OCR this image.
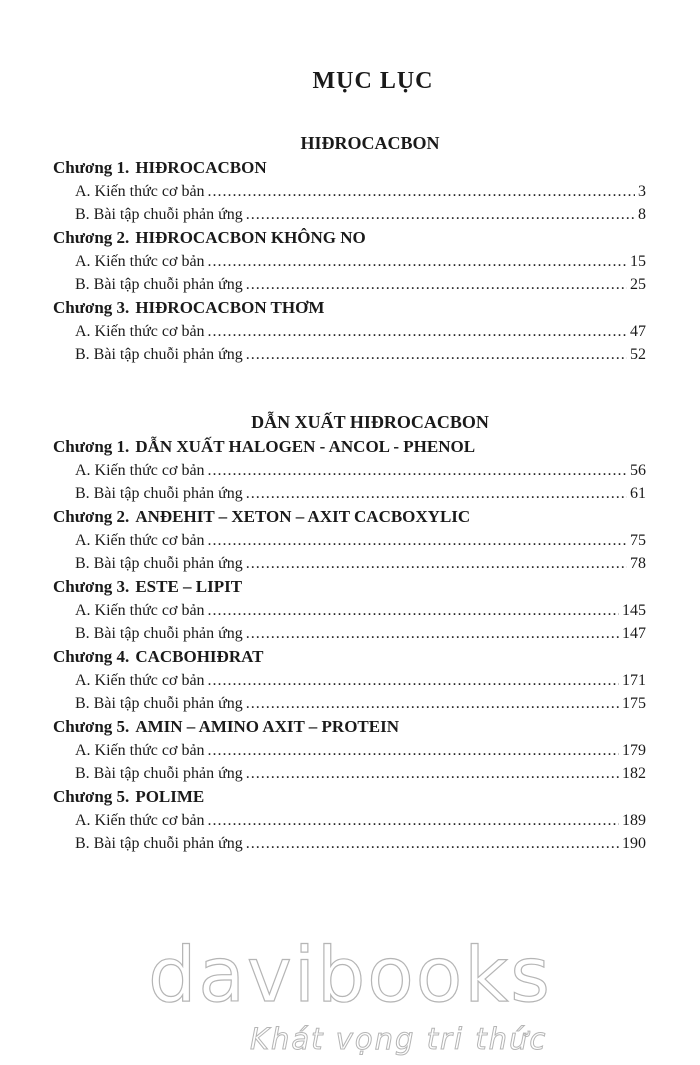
MỤC LỤC
HIĐROCACBON
Chương 1. HIĐROCACBON
A. Kiến thức cơ bản .....	3
B. Bài tập chuỗi phản ứng .....	8
Chương 2. HIĐROCACBON KHÔNG NO
A. Kiến thức cơ bản .....	15
B. Bài tập chuỗi phản ứng .....	25
Chương 3. HIĐROCACBON THƠM
A. Kiến thức cơ bản .....	47
B. Bài tập chuỗi phản ứng .....	52
DẪN XUẤT HIĐROCACBON
Chương 1. DẪN XUẤT HALOGEN - ANCOL - PHENOL
A. Kiến thức cơ bản .....	56
B. Bài tập chuỗi phản ứng .....	61
Chương 2. ANĐEHIT – XETON – AXIT CACBOXYLIC
A. Kiến thức cơ bản .....	75
B. Bài tập chuỗi phản ứng .....	78
Chương 3. ESTE – LIPIT
A. Kiến thức cơ bản .....	145
B. Bài tập chuỗi phản ứng .....	147
Chương 4. CACBOHIĐRAT
A. Kiến thức cơ bản .....	171
B. Bài tập chuỗi phản ứng .....	175
Chương 5. AMIN – AMINO AXIT – PROTEIN
A. Kiến thức cơ bản .....	179
B. Bài tập chuỗi phản ứng .....	182
Chương 5. POLIME
A. Kiến thức cơ bản .....	189
B. Bài tập chuỗi phản ứng .....	190
davibooks
Khát vọng tri thức
